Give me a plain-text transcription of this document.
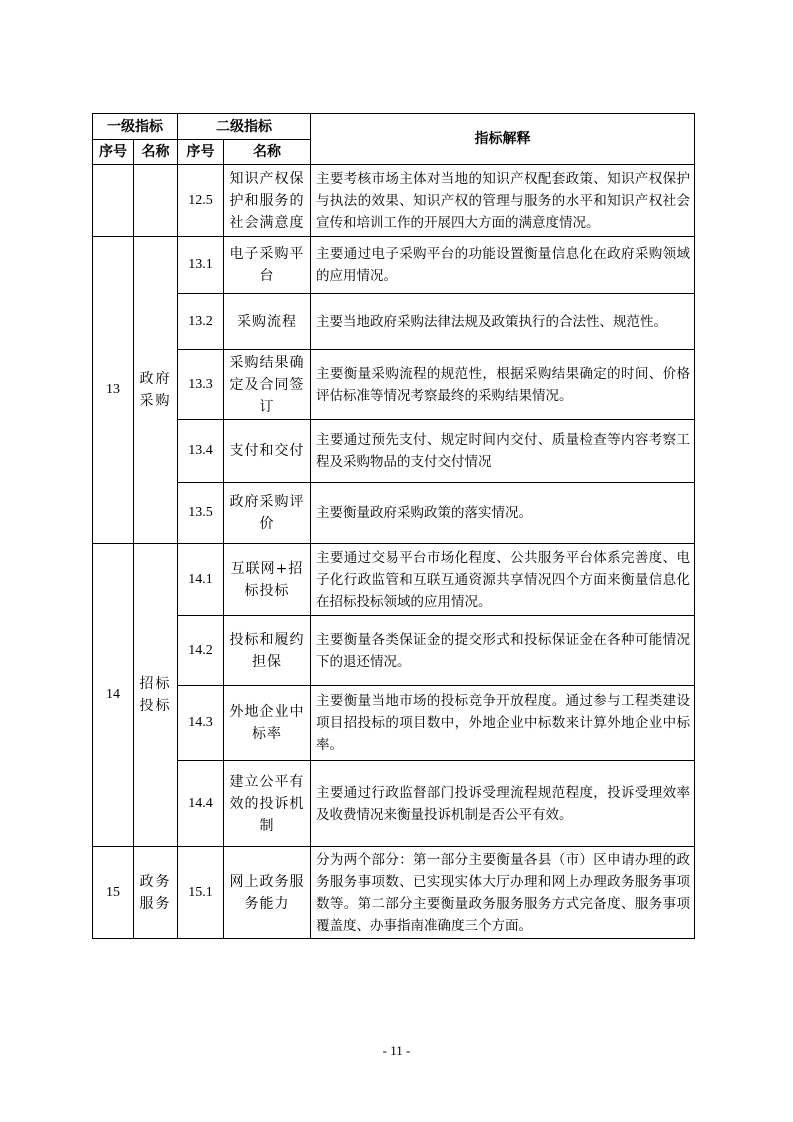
一级指标		二级指标		指标解释
序号	名称	序号	名称	
		12.5	知识产权保护和服务的社会满意度	主要考核市场主体对当地的知识产权配套政策、知识产权保护与执法的效果、知识产权的管理与服务的水平和知识产权社会宣传和培训工作的开展四大方面的满意度情况。
13	政府采购	13.1	电子采购平台	主要通过电子采购平台的功能设置衡量信息化在政府采购领域的应用情况。
		13.2	采购流程	主要当地政府采购法律法规及政策执行的合法性、规范性。
		13.3	采购结果确定及合同签订	主要衡量采购流程的规范性，根据采购结果确定的时间、价格评估标准等情况考察最终的采购结果情况。
		13.4	支付和交付	主要通过预先支付、规定时间内交付、质量检查等内容考察工程及采购物品的支付交付情况
		13.5	政府采购评价	主要衡量政府采购政策的落实情况。
14	招标投标	14.1	互联网+招标投标	主要通过交易平台市场化程度、公共服务平台体系完善度、电子化行政监管和互联互通资源共享情况四个方面来衡量信息化在招标投标领域的应用情况。
		14.2	投标和履约担保	主要衡量各类保证金的提交形式和投标保证金在各种可能情况下的退还情况。
		14.3	外地企业中标率	主要衡量当地市场的投标竞争开放程度。通过参与工程类建设项目招投标的项目数中，外地企业中标数来计算外地企业中标率。
		14.4	建立公平有效的投诉机制	主要通过行政监督部门投诉受理流程规范程度，投诉受理效率及收费情况来衡量投诉机制是否公平有效。
15	政务服务	15.1	网上政务服务能力	分为两个部分：第一部分主要衡量各县（市）区申请办理的政务服务事项数、已实现实体大厅办理和网上办理政务服务事项数等。第二部分主要衡量政务服务服务方式完备度、服务事项覆盖度、办事指南准确度三个方面。
- 11 -
